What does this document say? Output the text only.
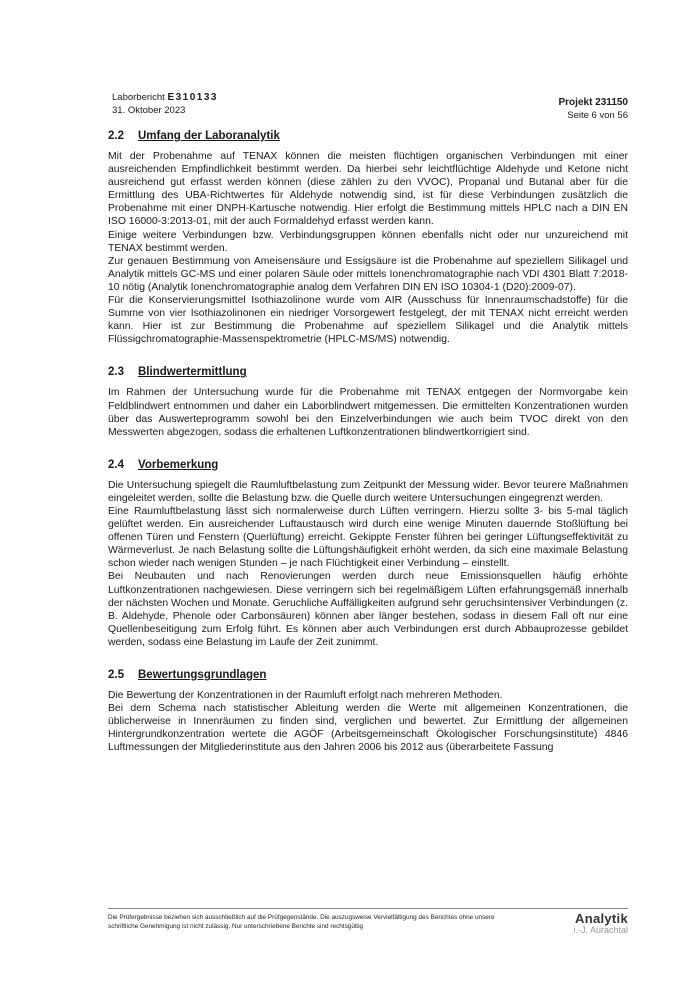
Laborbericht E310133
31. Oktober 2023
Projekt 231150
Seite 6 von 56
2.2	Umfang der Laboranalytik

Mit der Probenahme auf TENAX können die meisten flüchtigen organischen Verbindungen mit einer ausreichenden Empfindlichkeit bestimmt werden. Da hierbei sehr leichtflüchtige Aldehyde und Ketone nicht ausreichend gut erfasst werden können (diese zählen zu den VVOC), Propanal und Butanal aber für die Ermittlung des UBA-Richtwertes für Aldehyde notwendig sind, ist für diese Verbindungen zusätzlich die Probenahme mit einer DNPH-Kartusche notwendig. Hier erfolgt die Bestimmung mittels HPLC nach a DIN EN ISO 16000-3:2013-01, mit der auch Formaldehyd erfasst werden kann.

Einige weitere Verbindungen bzw. Verbindungsgruppen können ebenfalls nicht oder nur unzureichend mit TENAX bestimmt werden.

Zur genauen Bestimmung von Ameisensäure und Essigsäure ist die Probenahme auf speziellem Silikagel und Analytik mittels GC-MS und einer polaren Säule oder mittels Ionenchromatographie nach VDI 4301 Blatt 7:2018-10 nötig (Analytik Ionenchromatographie analog dem Verfahren DIN EN ISO 10304-1 (D20):2009-07).

Für die Konservierungsmittel Isothiazolinone wurde vom AIR (Ausschuss für Innenraumschadstoffe) für die Summe von vier Isothiazolinonen ein niedriger Vorsorgewert festgelegt, der mit TENAX nicht erreicht werden kann. Hier ist zur Bestimmung die Probenahme auf speziellem Silikagel und die Analytik mittels Flüssigchromatographie-Massenspektrometrie (HPLC-MS/MS) notwendig.

2.3	Blindwertermittlung

Im Rahmen der Untersuchung wurde für die Probenahme mit TENAX entgegen der Normvorgabe kein Feldblindwert entnommen und daher ein Laborblindwert mitgemessen. Die ermittelten Konzentrationen wurden über das Auswerteprogramm sowohl bei den Einzelverbindungen wie auch beim TVOC direkt von den Messwerten abgezogen, sodass die erhaltenen Luftkonzentrationen blindwertkorrigiert sind.

2.4	Vorbemerkung

Die Untersuchung spiegelt die Raumluftbelastung zum Zeitpunkt der Messung wider. Bevor teurere Maßnahmen eingeleitet werden, sollte die Belastung bzw. die Quelle durch weitere Untersuchungen eingegrenzt werden.

Eine Raumluftbelastung lässt sich normalerweise durch Lüften verringern. Hierzu sollte 3- bis 5-mal täglich gelüftet werden. Ein ausreichender Luftaustausch wird durch eine wenige Minuten dauernde Stoßlüftung bei offenen Türen und Fenstern (Querlüftung) erreicht. Gekippte Fenster führen bei geringer Lüftungseffektivität zu Wärmeverlust. Je nach Belastung sollte die Lüftungshäufigkeit erhöht werden, da sich eine maximale Belastung schon wieder nach wenigen Stunden – je nach Flüchtigkeit einer Verbindung – einstellt.

Bei Neubauten und nach Renovierungen werden durch neue Emissionsquellen häufig erhöhte Luftkonzentrationen nachgewiesen. Diese verringern sich bei regelmäßigem Lüften erfahrungsgemäß innerhalb der nächsten Wochen und Monate. Geruchliche Auffälligkeiten aufgrund sehr geruchsintensiver Verbindungen (z. B. Aldehyde, Phenole oder Carbonsäuren) können aber länger bestehen, sodass in diesem Fall oft nur eine Quellenbeseitigung zum Erfolg führt. Es können aber auch Verbindungen erst durch Abbauprozesse gebildet werden, sodass eine Belastung im Laufe der Zeit zunimmt.

2.5	Bewertungsgrundlagen

Die Bewertung der Konzentrationen in der Raumluft erfolgt nach mehreren Methoden.

Bei dem Schema nach statistischer Ableitung werden die Werte mit allgemeinen Konzentrationen, die üblicherweise in Innenräumen zu finden sind, verglichen und bewertet. Zur Ermittlung der allgemeinen Hintergrundkonzentration wertete die AGÖF (Arbeitsgemeinschaft Ökologischer Forschungsinstitute) 4846 Luftmessungen der Mitgliederinstitute aus den Jahren 2006 bis 2012 aus (überarbeitete Fassung

Die Prüfergebnisse beziehen sich ausschließlich auf die Prüfgegenstände. Die auszugsweise Vervielfältigung des Berichtes ohne unsere schriftliche Genehmigung ist nicht zulässig. Nur unterschriebene Berichte sind rechtsgültig
Analytik
i.-J. Aurachtal
